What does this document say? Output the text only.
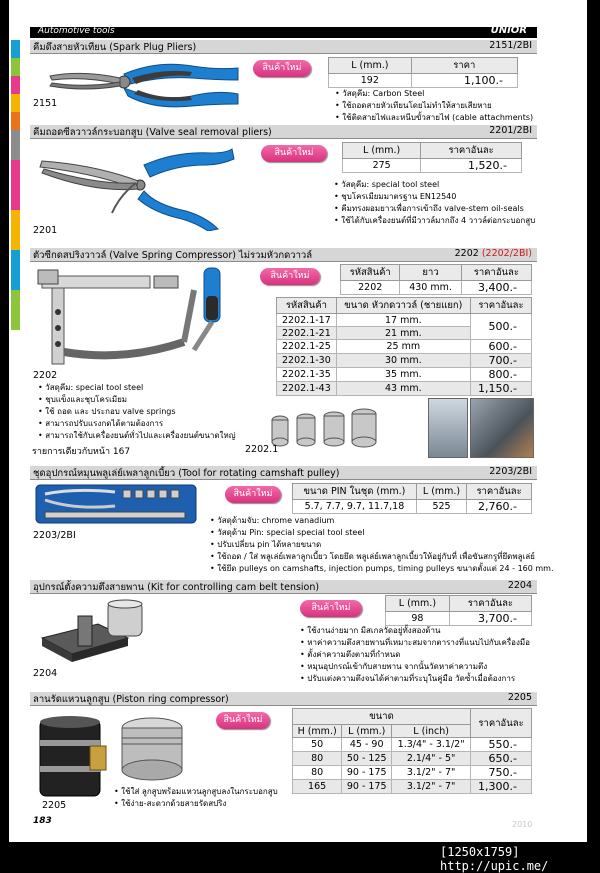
Automotive tools	UNIOR
คีมดึงสายหัวเทียน (Spark Plug Pliers)	2151/2BI
2151
สินค้าใหม่	L (mm.)	ราคา
192	1,100.-
• วัสดุคีม: Carbon Steel
• ใช้ถอดสายหัวเทียนโดยไม่ทำให้สายเสียหาย
• ใช้ติดสายไฟและหนีบขั้วสายไฟ (cable attachments)
คีมถอดซีลวาวล์กระบอกสูบ (Valve seal removal pliers)	2201/2BI
2201
สินค้าใหม่	L (mm.)	ราคาอันละ
275	1,520.-
• วัสดุคีม: special tool steel
• ชุบโครเมียมมาตรฐาน EN12540
• คีมทรงผอมยาวเพื่อการเข้าถึง valve-stem oil-seals
• ใช้ได้กับเครื่องยนต์ที่มีวาวล์มากถึง 4 วาวล์ต่อกระบอกสูบ
ตัวซีกดสปริงวาวล์ (Valve Spring Compressor) ไม่รวมหัวกดวาวล์	2202 (2202/2BI)
2202
สินค้าใหม่	รหัสสินค้า	ยาว	ราคาอันละ
2202	430 mm.	3,400.-
รหัสสินค้า	ขนาด หัวกดวาวล์ (ชายแยก)	ราคาอันละ
2202.1-17	17 mm.	500.-
2202.1-21	21 mm.	
2202.1-25	25 mm	600.-
2202.1-30	30 mm.	700.-
2202.1-35	35 mm.	800.-
2202.1-43	43 mm.	1,150.-
• วัสดุคีม: special tool steel
• ชุบแข็งและชุบโครเมียม
• ใช้ ถอด และ ประกอบ valve springs
• สามารถปรับแรงกดได้ตามต้องการ
• สามารถใช้กับเครื่องยนต์ทั่วไปและเครื่องยนต์ขนาดใหญ่
รายการเดียวกับหน้า 167	2202.1
ชุดอุปกรณ์หมุนพลูเล่ย์เพลาลูกเบี้ยว (Tool for rotating camshaft pulley)	2203/2BI
2203/2BI
สินค้าใหม่	ขนาด PIN ในชุด (mm.)	L (mm.)	ราคาอันละ
5.7, 7.7, 9.7, 11.7,18	525	2,760.-
• วัสดุด้ามจับ: chrome vanadium
• วัสดุด้าม Pin: special special tool steel
• ปรับเปลี่ยน pin ได้หลายขนาด
• ใช้ถอด / ใส่ พลูเล่ย์เพลาลูกเบี้ยว โดยยึด พลูเล่ย์เพลาลูกเบี้ยวให้อยู่กับที่ เพื่อขันสกรูที่ยึดพลูเล่ย์
• ใช้ยึด pulleys on camshafts, injection pumps, timing pulleys ขนาดตั้งแต่ 24 - 160 mm.
อุปกรณ์ตั้งความตึงสายพาน (Kit for controlling cam belt tension)	2204
2204
สินค้าใหม่	L (mm.)	ราคาอันละ
98	3,700.-
• ใช้งานง่ายมาก มีสเกลวัดอยู่ทั้งสองด้าน
• หาค่าความตึงสายพานที่เหมาะสมจากตารางที่แนบไปกับเครื่องมือ
• ตั้งค่าความตึงตามที่กำหนด
• หมุนอุปกรณ์เข้ากับสายพาน จากนั้นวัดหาค่าความตึง
• ปรับแต่งความตึงจนได้ค่าตามที่ระบุในคู่มือ วัดซ้ำเมื่อต้องการ
ลานรัดแหวนลูกสูบ (Piston ring compressor)	2205
2205
สินค้าใหม่	ขนาด			ราคาอันละ
H (mm.)	L (mm.)	L (inch)	
50	45 - 90	1.3/4" - 3.1/2"	550.-
80	50 - 125	2.1/4" - 5"	650.-
80	90 - 175	3.1/2" - 7"	750.-
165	90 - 175	3.1/2" - 7"	1,300.-
• ใช้ใส่ ลูกสูบพร้อมแหวนลูกสูบลงในกระบอกสูบ
• ใช้ง่าย-สะดวกด้วยสายรัดสปริง
183	2010
[1250x1759] http://upic.me/
